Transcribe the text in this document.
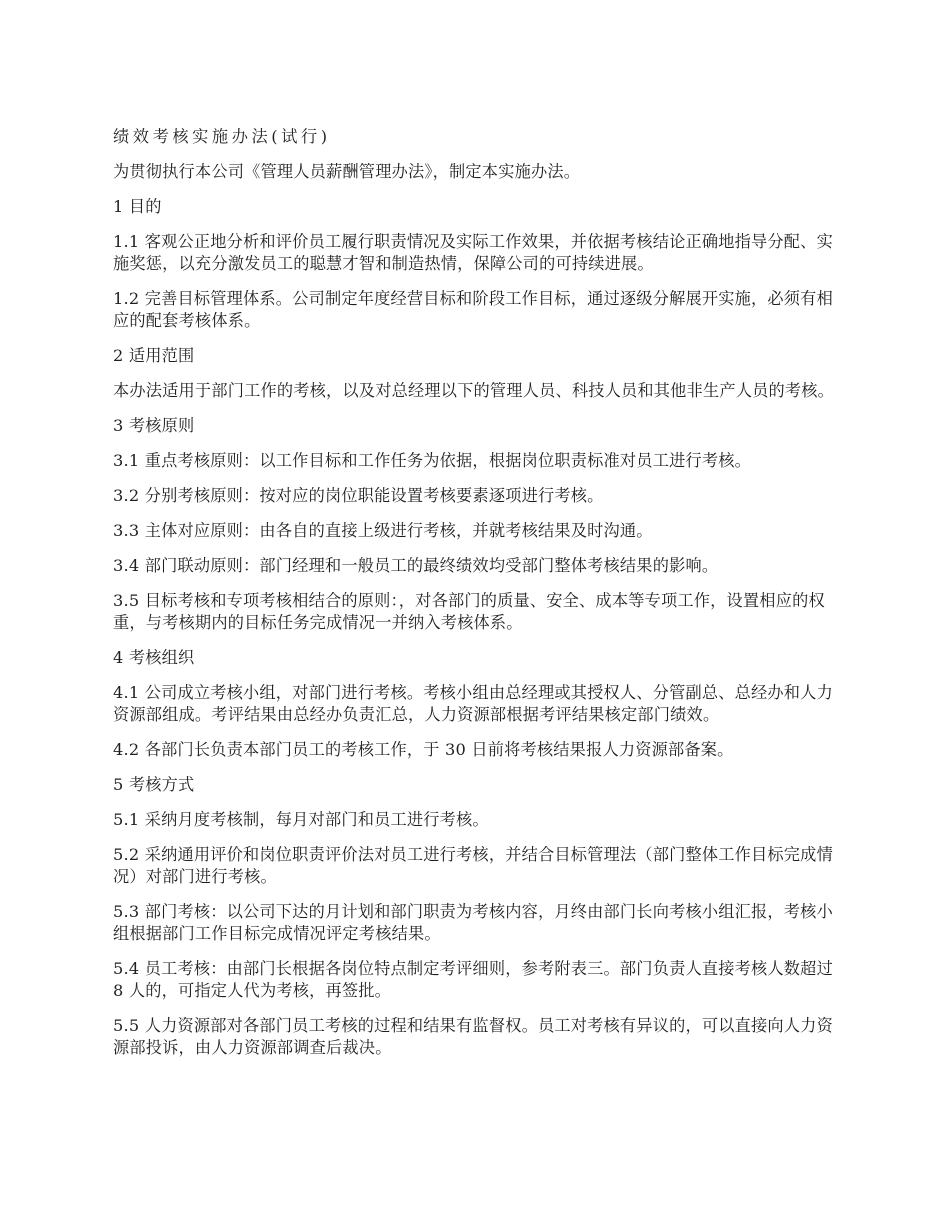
绩效考核实施办法(试行)

为贯彻执行本公司《管理人员薪酬管理办法》，制定本实施办法。

1 目的

1.1 客观公正地分析和评价员工履行职责情况及实际工作效果，并依据考核结论正确地指导分配、实施奖惩，以充分激发员工的聪慧才智和制造热情，保障公司的可持续进展。

1.2 完善目标管理体系。公司制定年度经营目标和阶段工作目标，通过逐级分解展开实施，必须有相应的配套考核体系。

2 适用范围

本办法适用于部门工作的考核，以及对总经理以下的管理人员、科技人员和其他非生产人员的考核。

3 考核原则

3.1 重点考核原则：以工作目标和工作任务为依据，根据岗位职责标准对员工进行考核。

3.2 分别考核原则：按对应的岗位职能设置考核要素逐项进行考核。

3.3 主体对应原则：由各自的直接上级进行考核，并就考核结果及时沟通。

3.4 部门联动原则：部门经理和一般员工的最终绩效均受部门整体考核结果的影响。

3.5 目标考核和专项考核相结合的原则：，对各部门的质量、安全、成本等专项工作，设置相应的权重，与考核期内的目标任务完成情况一并纳入考核体系。

4 考核组织

4.1 公司成立考核小组，对部门进行考核。考核小组由总经理或其授权人、分管副总、总经办和人力资源部组成。考评结果由总经办负责汇总，人力资源部根据考评结果核定部门绩效。

4.2 各部门长负责本部门员工的考核工作，于 30 日前将考核结果报人力资源部备案。

5 考核方式

5.1 采纳月度考核制，每月对部门和员工进行考核。

5.2 采纳通用评价和岗位职责评价法对员工进行考核，并结合目标管理法（部门整体工作目标完成情况）对部门进行考核。

5.3 部门考核：以公司下达的月计划和部门职责为考核内容，月终由部门长向考核小组汇报，考核小组根据部门工作目标完成情况评定考核结果。

5.4 员工考核：由部门长根据各岗位特点制定考评细则，参考附表三。部门负责人直接考核人数超过 8 人的，可指定人代为考核，再签批。

5.5 人力资源部对各部门员工考核的过程和结果有监督权。员工对考核有异议的，可以直接向人力资源部投诉，由人力资源部调查后裁决。
